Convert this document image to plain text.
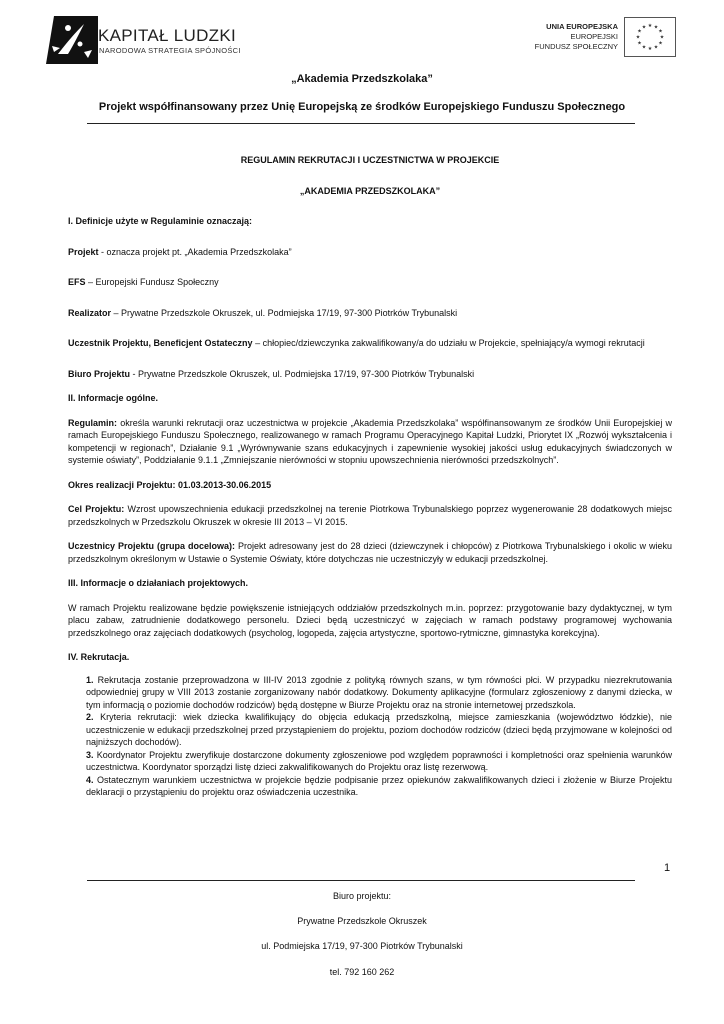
KAPITAŁ LUDZKI
NARODOWA STRATEGIA SPÓJNOŚCI
UNIA EUROPEJSKA
EUROPEJSKI
FUNDUSZ SPOŁECZNY
★ ★
★
★
★
★
★
★
★
★
★
★
„Akademia Przedszkolaka”
Projekt współfinansowany przez Unię Europejską ze środków Europejskiego Funduszu Społecznego

REGULAMIN REKRUTACJI I UCZESTNICTWA W PROJEKCIE

„AKADEMIA PRZEDSZKOLAKA”

I. Definicje użyte w Regulaminie oznaczają:

Projekt - oznacza projekt pt. „Akademia Przedszkolaka”

EFS – Europejski Fundusz Społeczny

Realizator – Prywatne Przedszkole Okruszek, ul. Podmiejska 17/19, 97-300 Piotrków Trybunalski

Uczestnik Projektu, Beneficjent Ostateczny – chłopiec/dziewczynka zakwalifikowany/a do udziału w Projekcie, spełniający/a wymogi rekrutacji

Biuro Projektu - Prywatne Przedszkole Okruszek, ul. Podmiejska 17/19, 97-300 Piotrków Trybunalski

II. Informacje ogólne.

Regulamin: określa warunki rekrutacji oraz uczestnictwa w projekcie „Akademia Przedszkolaka” współfinansowanym ze środków Unii Europejskiej w ramach Europejskiego Funduszu Społecznego, realizowanego w ramach Programu Operacyjnego Kapitał Ludzki, Priorytet IX „Rozwój wykształcenia i kompetencji w regionach”, Działanie 9.1 „Wyrównywanie szans edukacyjnych i zapewnienie wysokiej jakości usług edukacyjnych świadczonych w systemie oświaty”, Poddziałanie 9.1.1 „Zmniejszanie nierówności w stopniu upowszechnienia nierówności przedszkolnych”.

Okres realizacji Projektu: 01.03.2013-30.06.2015

Cel Projektu: Wzrost upowszechnienia edukacji przedszkolnej na terenie Piotrkowa Trybunalskiego poprzez wygenerowanie 28 dodatkowych miejsc przedszkolnych w Przedszkolu Okruszek w okresie III 2013 – VI 2015.

Uczestnicy Projektu (grupa docelowa): Projekt adresowany jest do 28 dzieci (dziewczynek i chłopców) z Piotrkowa Trybunalskiego i okolic w wieku przedszkolnym określonym w Ustawie o Systemie Oświaty, które dotychczas nie uczestniczyły w edukacji przedszkolnej.

III. Informacje o działaniach projektowych.

W ramach Projektu realizowane będzie powiększenie istniejących oddziałów przedszkolnych m.in. poprzez: przygotowanie bazy dydaktycznej, w tym placu zabaw, zatrudnienie dodatkowego personelu. Dzieci będą uczestniczyć w zajęciach w ramach podstawy programowej wychowania przedszkolnego oraz zajęciach dodatkowych (psycholog, logopeda, zajęcia artystyczne, sportowo-rytmiczne, gimnastyka korekcyjna).

IV. Rekrutacja.

1. Rekrutacja zostanie przeprowadzona w III-IV 2013 zgodnie z polityką równych szans, w tym równości płci. W przypadku niezrekrutowania odpowiedniej grupy w VIII 2013 zostanie zorganizowany nabór dodatkowy. Dokumenty aplikacyjne (formularz zgłoszeniowy z danymi dziecka, w tym informacją o poziomie dochodów rodziców) będą dostępne w Biurze Projektu oraz na stronie internetowej przedszkola.
2. Kryteria rekrutacji: wiek dziecka kwalifikujący do objęcia edukacją przedszkolną, miejsce zamieszkania (województwo łódzkie), nie uczestniczenie w edukacji przedszkolnej przed przystąpieniem do projektu, poziom dochodów rodziców (dzieci będą przyjmowane w kolejności od najniższych dochodów).
3. Koordynator Projektu zweryfikuje dostarczone dokumenty zgłoszeniowe pod względem poprawności i kompletności oraz spełnienia warunków uczestnictwa. Koordynator sporządzi listę dzieci zakwalifikowanych do Projektu oraz listę rezerwową.
4. Ostatecznym warunkiem uczestnictwa w projekcie będzie podpisanie przez opiekunów zakwalifikowanych dzieci i złożenie w Biurze Projektu deklaracji o przystąpieniu do projektu oraz oświadczenia uczestnika.
1
Biuro projektu:
Prywatne Przedszkole Okruszek
ul. Podmiejska 17/19, 97-300 Piotrków Trybunalski
tel. 792 160 262
